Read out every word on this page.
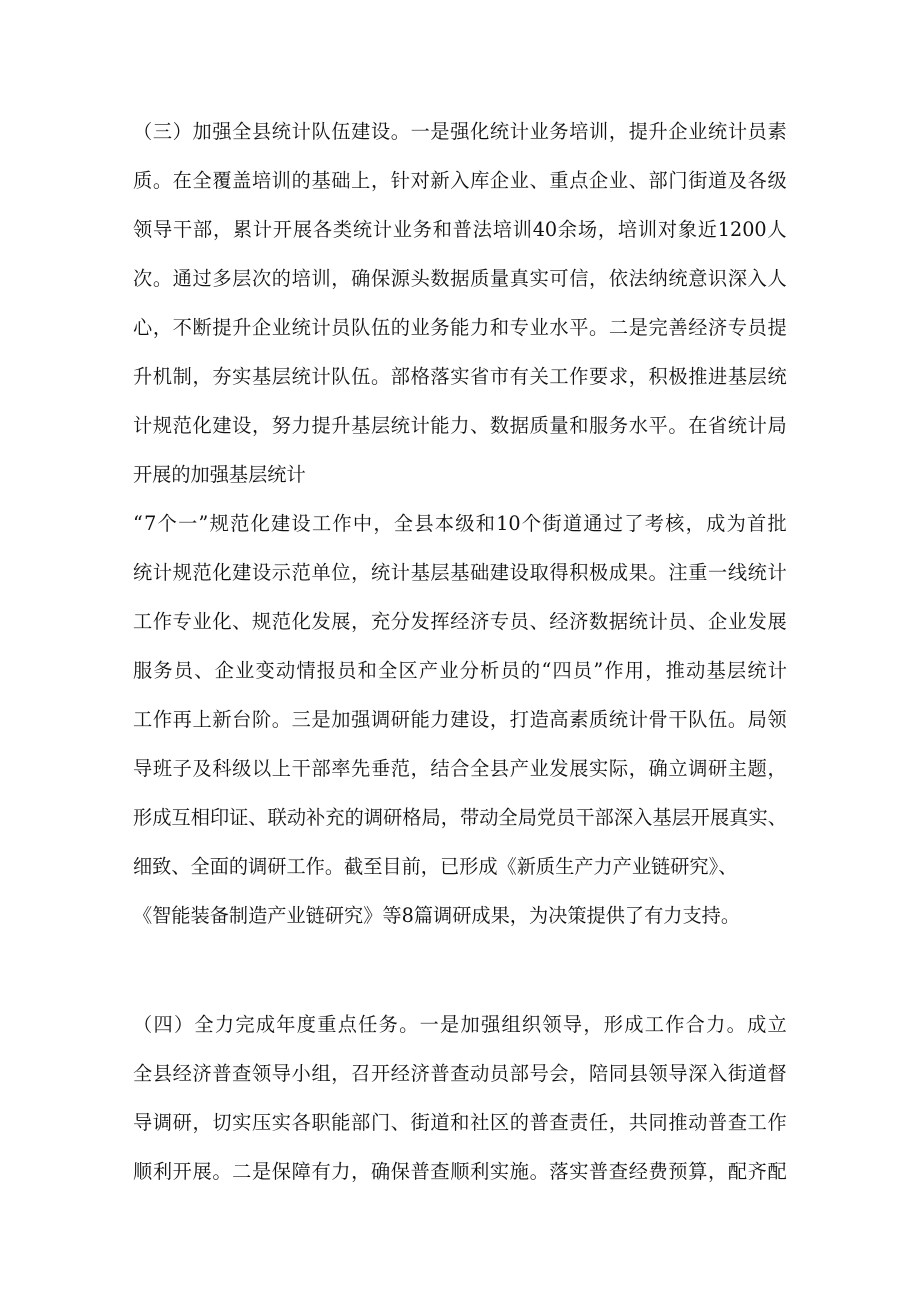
（ 三 ） 加 强 全 县 统 计 队 伍 建 设 。 一 是 强 化 统 计 业 务 培 训 ， 提 升 企 业 统 计 员 素
质 。 在 全 覆 盖 培 训 的 基 础 上 ， 针 对 新 入 库 企 业 、 重 点 企 业 、 部 门 街 道 及 各 级
领 导 干 部 ， 累 计 开 展 各 类 统 计 业 务 和 普 法 培 训 40 余 场 ， 培 训 对 象 近 1200 人
次 。 通 过 多 层 次 的 培 训 ， 确 保 源 头 数 据 质 量 真 实 可 信 ， 依 法 纳 统 意 识 深 入 人
心 ， 不 断 提 升 企 业 统 计 员 队 伍 的 业 务 能 力 和 专 业 水 平 。 二 是 完 善 经 济 专 员 提
升 机 制 ， 夯 实 基 层 统 计 队 伍 。 部 格 落 实 省 市 有 关 工 作 要 求 ， 积 极 推 进 基 层 统
计 规 范 化 建 设 ， 努 力 提 升 基 层 统 计 能 力 、 数 据 质 量 和 服 务 水 平 。 在 省 统 计 局
开展的加强基层统计
“ 7 个 一 ” 规 范 化 建 设 工 作 中 ， 全 县 本 级 和 10 个 街 道 通 过 了 考 核 ， 成 为 首 批
统 计 规 范 化 建 设 示 范 单 位 ， 统 计 基 层 基 础 建 设 取 得 积 极 成 果 。 注 重 一 线 统 计
工 作 专 业 化 、 规 范 化 发 展 ， 充 分 发 挥 经 济 专 员 、 经 济 数 据 统 计 员 、 企 业 发 展
服 务 员 、 企 业 变 动 情 报 员 和 全 区 产 业 分 析 员 的 “ 四 员 ” 作 用 ， 推 动 基 层 统 计
工 作 再 上 新 台 阶 。 三 是 加 强 调 研 能 力 建 设 ， 打 造 高 素 质 统 计 骨 干 队 伍 。 局 领
导 班 子 及 科 级 以 上 干 部 率 先 垂 范 ， 结 合 全 县 产 业 发 展 实 际 ， 确 立 调 研 主 题 ，
形 成 互 相 印 证 、 联 动 补 充 的 调 研 格 局 ， 带 动 全 局 党 员 干 部 深 入 基 层 开 展 真 实 、
细致、全面的调研工作。截至目前，已形成《新质生产力产业链研究》、
《智能装备制造产业链研究》等8篇调研成果，为决策提供了有力支持。
（ 四 ） 全 力 完 成 年 度 重 点 任 务 。 一 是 加 强 组 织 领 导 ， 形 成 工 作 合 力 。 成 立
全 县 经 济 普 查 领 导 小 组 ， 召 开 经 济 普 查 动 员 部 号 会 ， 陪 同 县 领 导 深 入 街 道 督
导 调 研 ， 切 实 压 实 各 职 能 部 门 、 街 道 和 社 区 的 普 查 责 任 ， 共 同 推 动 普 查 工 作
顺 利 开 展 。 二 是 保 障 有 力 ， 确 保 普 查 顺 利 实 施 。 落 实 普 查 经 费 预 算 ， 配 齐 配
